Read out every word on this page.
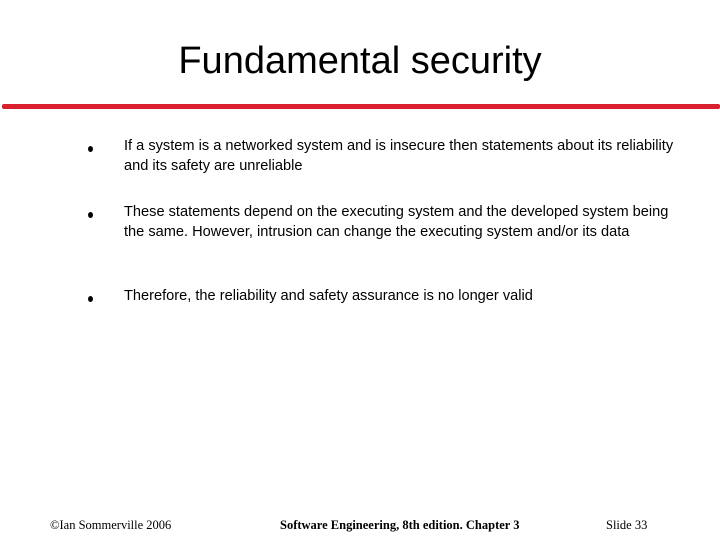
Fundamental security
If a system is a networked system and is insecure then statements about its reliability and its safety are unreliable
These statements depend on the executing system and the developed system being the same. However, intrusion can change the executing system and/or its data
Therefore, the reliability and safety assurance is no longer valid
©Ian Sommerville 2006	Software Engineering, 8th edition. Chapter 3	Slide 33
